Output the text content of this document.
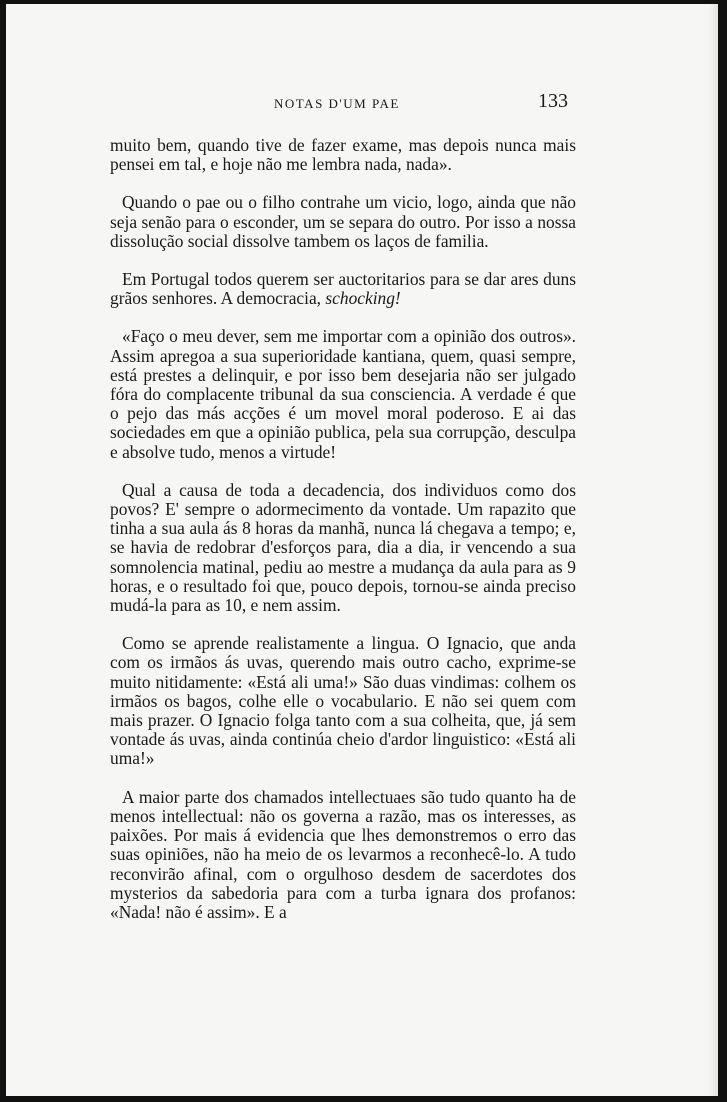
NOTAS D'UM PAE	133

muito bem, quando tive de fazer exame, mas depois nunca mais pensei em tal, e hoje não me lembra nada, nada».

Quando o pae ou o filho contrahe um vicio, logo, ainda que não seja senão para o esconder, um se separa do outro. Por isso a nossa dissolução social dissolve tambem os laços de familia.

Em Portugal todos querem ser auctoritarios para se dar ares duns grãos senhores. A democracia, schocking!

«Faço o meu dever, sem me importar com a opinião dos outros». Assim apregoa a sua superioridade kantiana, quem, quasi sempre, está prestes a delinquir, e por isso bem desejaria não ser julgado fóra do complacente tribunal da sua consciencia. A verdade é que o pejo das más acções é um movel moral poderoso. E ai das sociedades em que a opinião publica, pela sua corrupção, desculpa e absolve tudo, menos a virtude!

Qual a causa de toda a decadencia, dos individuos como dos povos? E' sempre o adormecimento da vontade. Um rapazito que tinha a sua aula ás 8 horas da manhã, nunca lá chegava a tempo; e, se havia de redobrar d'esforços para, dia a dia, ir vencendo a sua somnolencia matinal, pediu ao mestre a mudança da aula para as 9 horas, e o resultado foi que, pouco depois, tornou-se ainda preciso mudá-la para as 10, e nem assim.

Como se aprende realistamente a lingua. O Ignacio, que anda com os irmãos ás uvas, querendo mais outro cacho, exprime-se muito nitidamente: «Está ali uma!» São duas vindimas: colhem os irmãos os bagos, colhe elle o vocabulario. E não sei quem com mais prazer. O Ignacio folga tanto com a sua colheita, que, já sem vontade ás uvas, ainda continúa cheio d'ardor linguistico: «Está ali uma!»

A maior parte dos chamados intellectuaes são tudo quanto ha de menos intellectual: não os governa a razão, mas os interesses, as paixões. Por mais á evidencia que lhes demonstremos o erro das suas opiniões, não ha meio de os levarmos a reconhecê-lo. A tudo reconvirão afinal, com o orgulhoso desdem de sacerdotes dos mysterios da sabedoria para com a turba ignara dos profanos: «Nada! não é assim». E a
